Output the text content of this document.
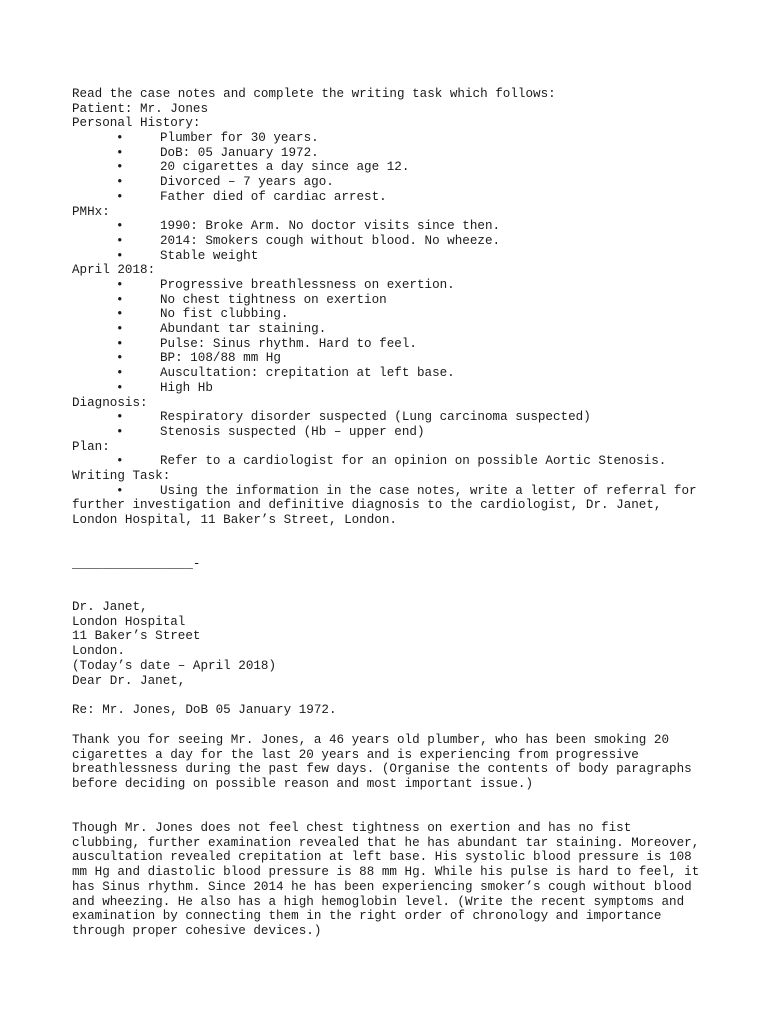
Read the case notes and complete the writing task which follows:
Patient: Mr. Jones
Personal History:
•	Plumber for 30 years.
•	DoB: 05 January 1972.
•	20 cigarettes a day since age 12.
•	Divorced – 7 years ago.
•	Father died of cardiac arrest.
PMHx:
•	1990: Broke Arm. No doctor visits since then.
•	2014: Smokers cough without blood. No wheeze.
•	Stable weight
April 2018:
•	Progressive breathlessness on exertion.
•	No chest tightness on exertion
•	No fist clubbing.
•	Abundant tar staining.
•	Pulse: Sinus rhythm. Hard to feel.
•	BP: 108/88 mm Hg
•	Auscultation: crepitation at left base.
•	High Hb
Diagnosis:
•	Respiratory disorder suspected (Lung carcinoma suspected)
•	Stenosis suspected (Hb – upper end)
Plan:
•	Refer to a cardiologist for an opinion on possible Aortic Stenosis.
Writing Task:
•	Using the information in the case notes, write a letter of referral for
further investigation and definitive diagnosis to the cardiologist, Dr. Janet,
London Hospital, 11 Baker’s Street, London.
________________-
Dr. Janet,
London Hospital
11 Baker’s Street
London.
(Today’s date – April 2018)
Dear Dr. Janet,
Re: Mr. Jones, DoB 05 January 1972.
Thank you for seeing Mr. Jones, a 46 years old plumber, who has been smoking 20
cigarettes a day for the last 20 years and is experiencing from progressive
breathlessness during the past few days. (Organise the contents of body paragraphs
before deciding on possible reason and most important issue.)
Though Mr. Jones does not feel chest tightness on exertion and has no fist
clubbing, further examination revealed that he has abundant tar staining. Moreover,
auscultation revealed crepitation at left base. His systolic blood pressure is 108
mm Hg and diastolic blood pressure is 88 mm Hg. While his pulse is hard to feel, it
has Sinus rhythm. Since 2014 he has been experiencing smoker’s cough without blood
and wheezing. He also has a high hemoglobin level. (Write the recent symptoms and
examination by connecting them in the right order of chronology and importance
through proper cohesive devices.)
